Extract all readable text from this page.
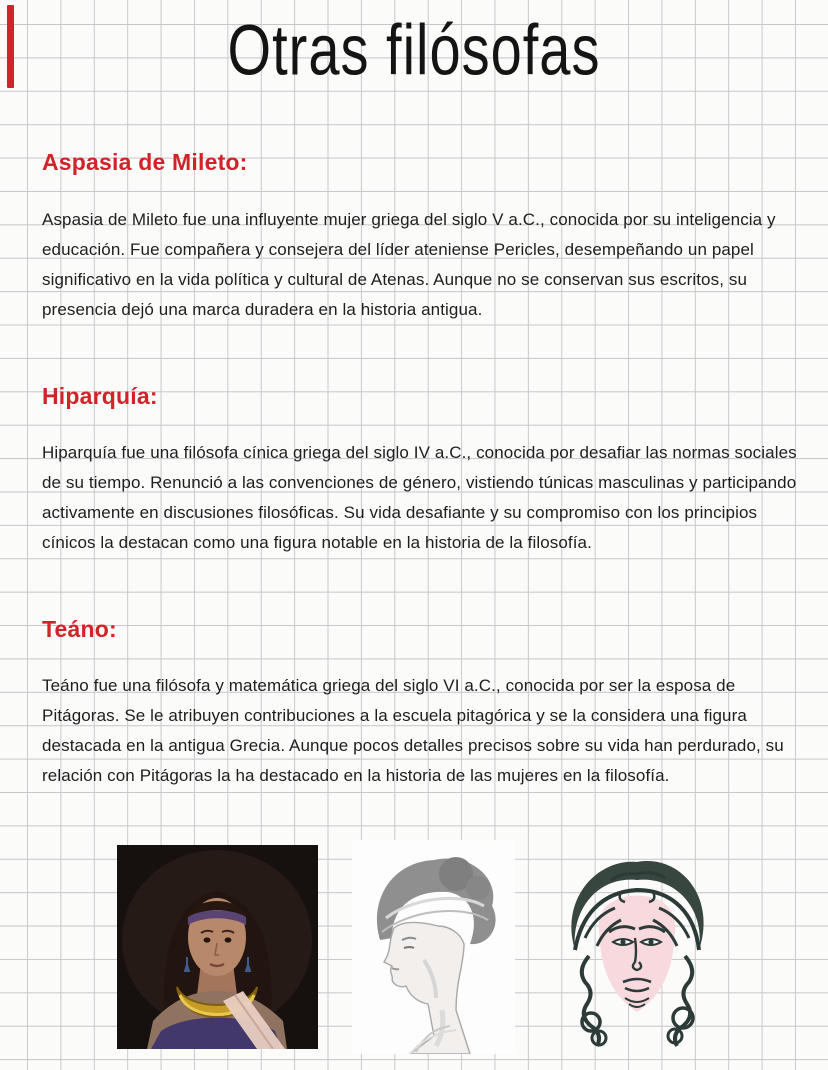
Otras filósofas
Aspasia de Mileto:

Aspasia de Mileto fue una influyente mujer griega del siglo V a.C., conocida por su inteligencia y educación. Fue compañera y consejera del líder ateniense Pericles, desempeñando un papel significativo en la vida política y cultural de Atenas. Aunque no se conservan sus escritos, su presencia dejó una marca duradera en la historia antigua.

Hiparquía:

Hiparquía fue una filósofa cínica griega del siglo IV a.C., conocida por desafiar las normas sociales de su tiempo. Renunció a las convenciones de género, vistiendo túnicas masculinas y participando activamente en discusiones filosóficas. Su vida desafiante y su compromiso con los principios cínicos la destacan como una figura notable en la historia de la filosofía.

Teáno:

Teáno fue una filósofa y matemática griega del siglo VI a.C., conocida por ser la esposa de Pitágoras. Se le atribuyen contribuciones a la escuela pitagórica y se la considera una figura destacada en la antigua Grecia. Aunque pocos detalles precisos sobre su vida han perdurado, su relación con Pitágoras la ha destacado en la historia de las mujeres en la filosofía.
